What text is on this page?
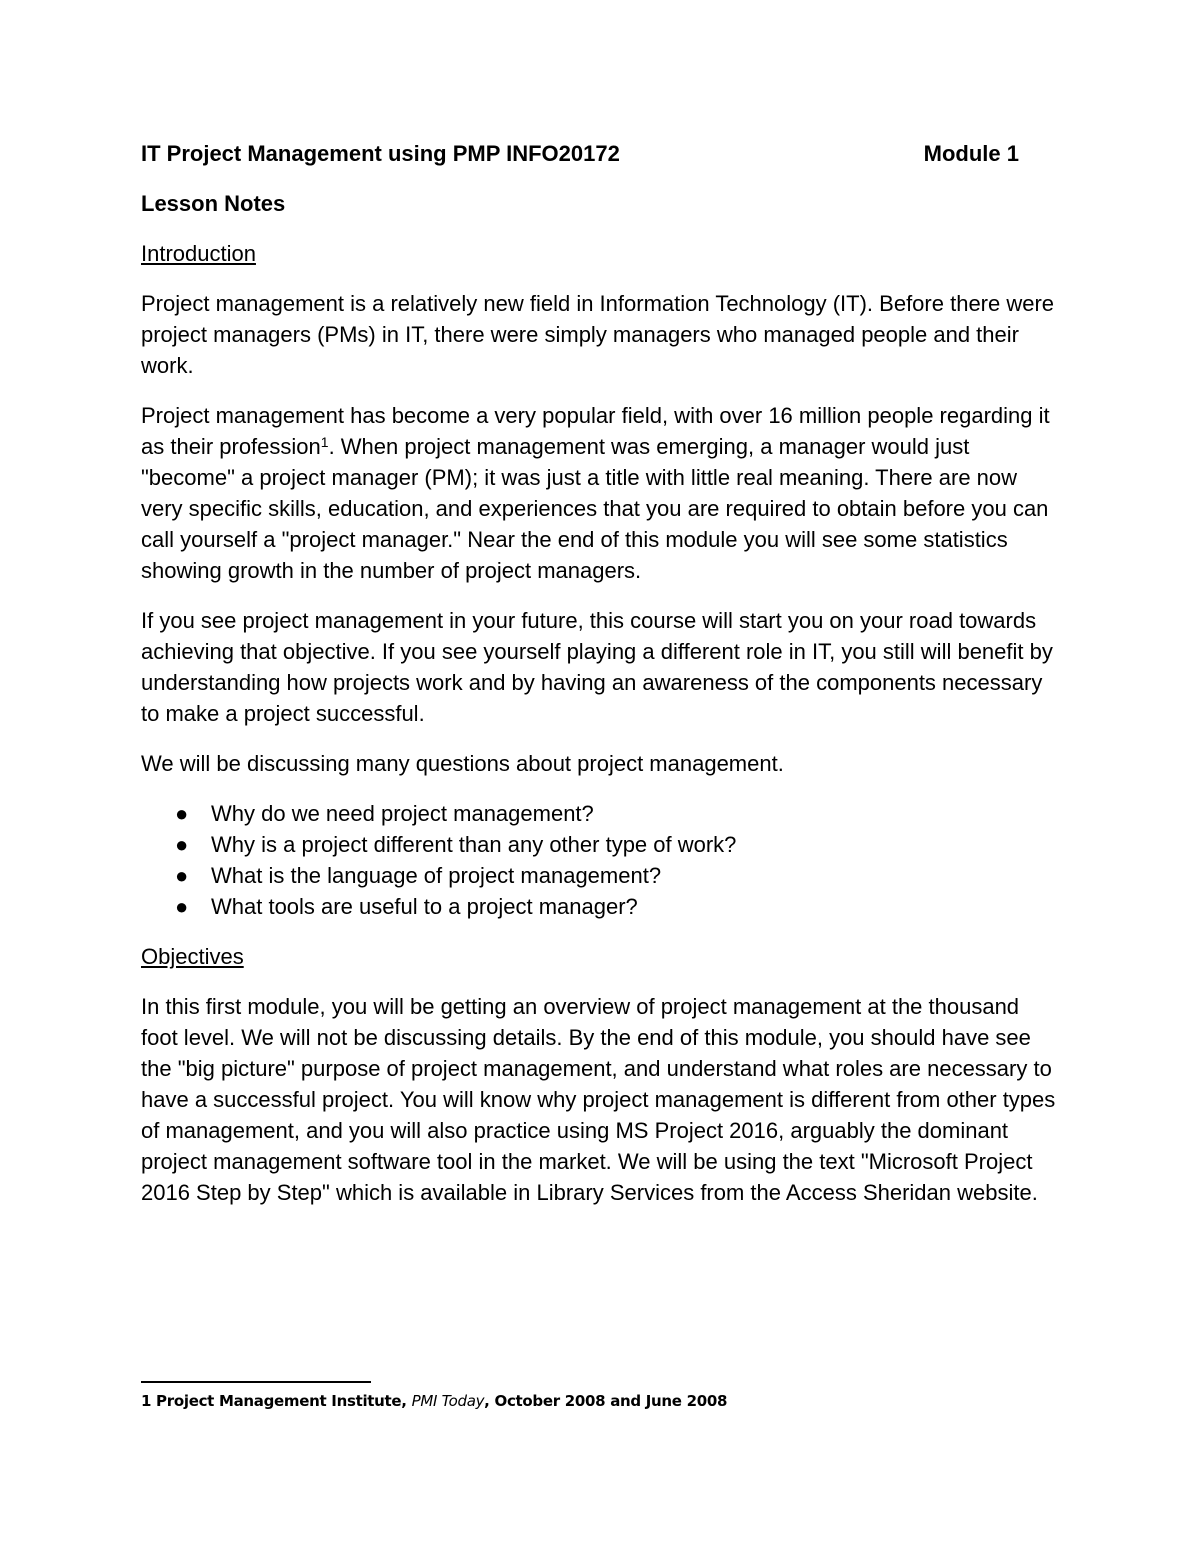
IT Project Management using PMP INFO20172	Module 1
Lesson Notes
Introduction

Project management is a relatively new field in Information Technology (IT). Before there were project managers (PMs) in IT, there were simply managers who managed people and their work.

Project management has become a very popular field, with over 16 million people regarding it as their profession$^1$. When project management was emerging, a manager would just "become" a project manager (PM); it was just a title with little real meaning. There are now very specific skills, education, and experiences that you are required to obtain before you can call yourself a "project manager." Near the end of this module you will see some statistics showing growth in the number of project managers.

If you see project management in your future, this course will start you on your road towards achieving that objective. If you see yourself playing a different role in IT, you still will benefit by understanding how projects work and by having an awareness of the components necessary to make a project successful.

We will be discussing many questions about project management.

● Why do we need project management?
● Why is a project different than any other type of work?
● What is the language of project management?
● What tools are useful to a project manager?
Objectives

In this first module, you will be getting an overview of project management at the thousand foot level. We will not be discussing details. By the end of this module, you should have see the "big picture" purpose of project management, and understand what roles are necessary to have a successful project. You will know why project management is different from other types of management, and you will also practice using MS Project 2016, arguably the dominant project management software tool in the market. We will be using the text "Microsoft Project 2016 Step by Step" which is available in Library Services from the Access Sheridan website.

1 Project Management Institute, PMI Today, October 2008 and June 2008
